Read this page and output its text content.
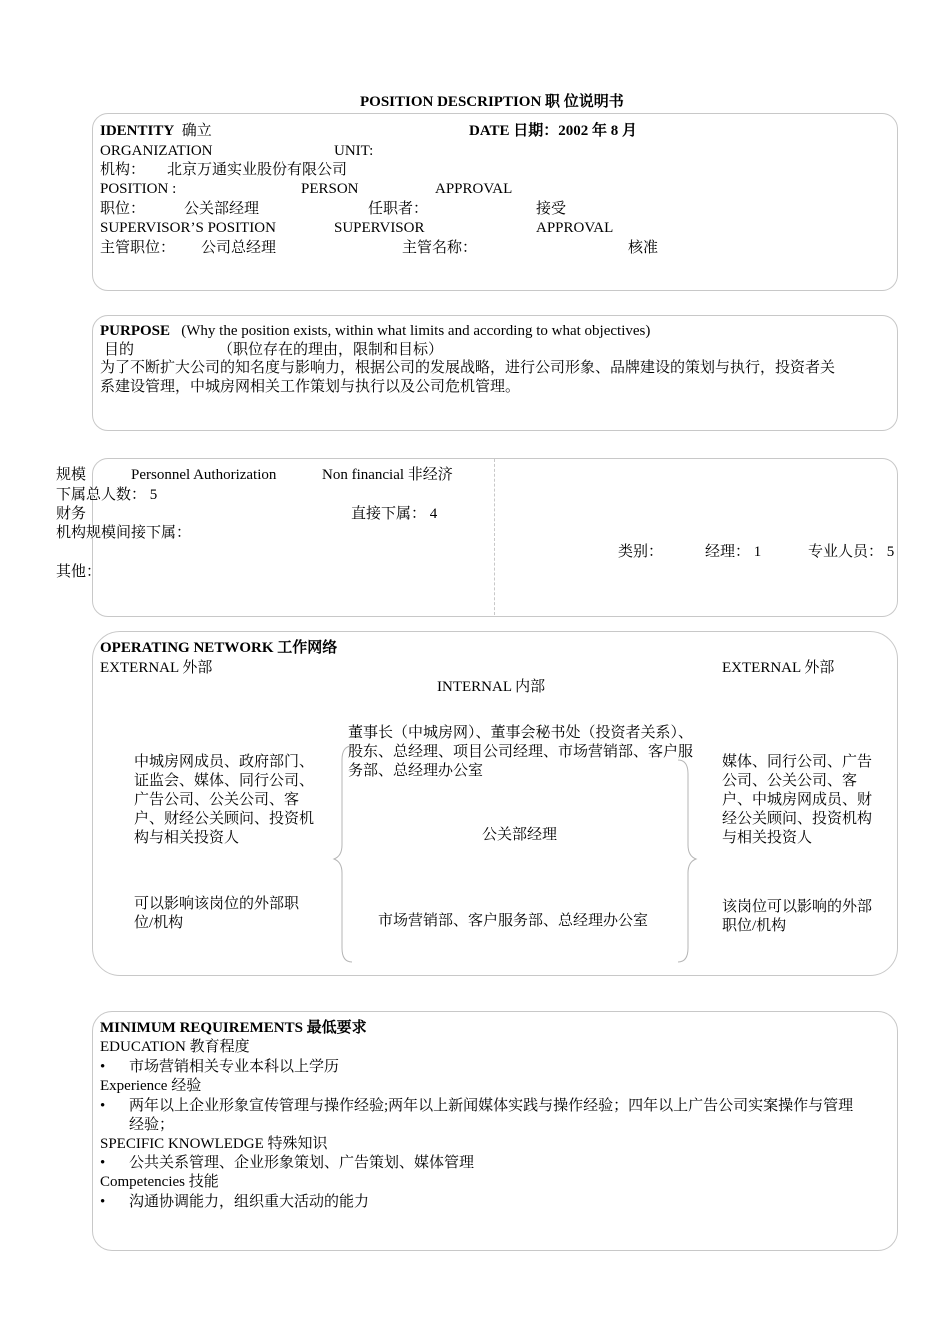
POSITION DESCRIPTION 职 位说明书
IDENTITY 确立	DATE 日期：2002 年 8 月
ORGANIZATION	UNIT:
机构： 北京万通实业股份有限公司
POSITION :	PERSON	APPROVAL
职位：	公关部经理	任职者：	接受
SUPERVISOR’S POSITION	SUPERVISOR	APPROVAL
主管职位： 公司总经理	主管名称：	核准
PURPOSE (Why the position exists, within what limits and according to what objectives)
目的	（职位存在的理由，限制和目标）
为了不断扩大公司的知名度与影响力，根据公司的发展战略，进行公司形象、品牌建设的策划与执行，投资者关
系建设管理，中城房网相关工作策划与执行以及公司危机管理。
规模	Personnel Authorization	Non financial 非经济
下属总人数： 5
财务	直接下属： 4
机构规模间接下属：
类别：	经理： 1	专业人员： 5
其他：
OPERATING NETWORK 工作网络
EXTERNAL 外部	EXTERNAL 外部
INTERNAL 内部
董事长（中城房网）、董事会秘书处（投资者关系）、股东、总经理、项目公司经理、市场营销部、客户服务部、总经理办公室
中城房网成员、政府部门、证监会、媒体、同行公司、广告公司、公关公司、客户、财经公关顾问、投资机构与相关投资人
媒体、同行公司、广告公司、公关公司、客户、中城房网成员、财经公关顾问、投资机构与相关投资人
公关部经理
可以影响该岗位的外部职位/机构	市场营销部、客户服务部、总经理办公室
该岗位可以影响的外部职位/机构
MINIMUM REQUIREMENTS 最低要求
EDUCATION 教育程度
• 市场营销相关专业本科以上学历
Experience 经验
• 两年以上企业形象宣传管理与操作经验;两年以上新闻媒体实践与操作经验；四年以上广告公司实案操作与管理
经验；
SPECIFIC KNOWLEDGE 特殊知识
• 公共关系管理、企业形象策划、广告策划、媒体管理
Competencies 技能
• 沟通协调能力，组织重大活动的能力
